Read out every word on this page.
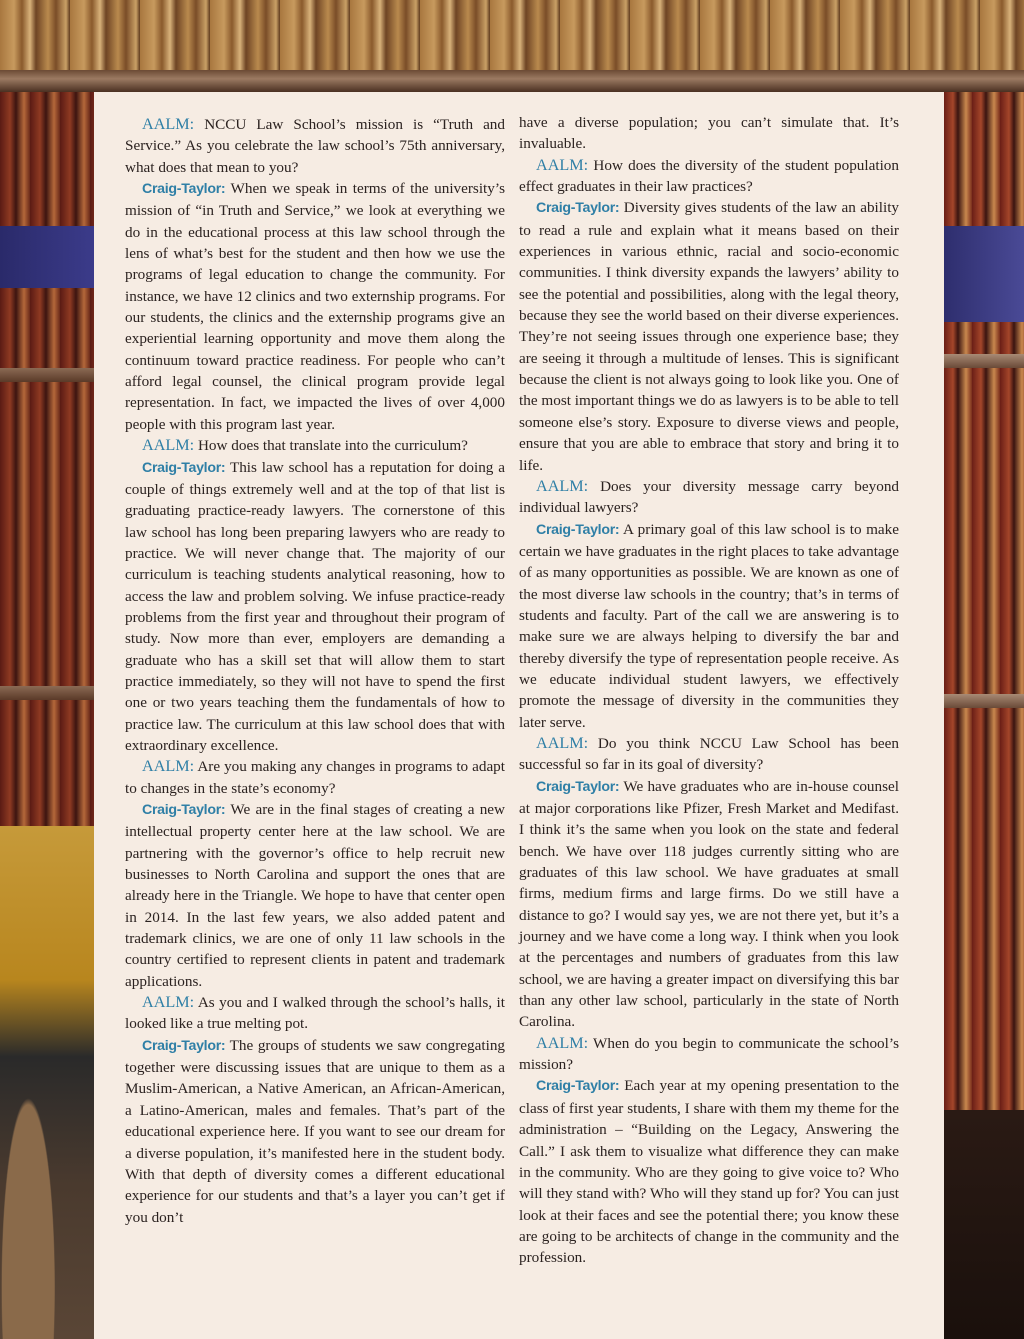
AALM: NCCU Law School’s mission is “Truth and Service.” As you celebrate the law school’s 75th anniversary, what does that mean to you?

Craig-Taylor: When we speak in terms of the university’s mission of “in Truth and Service,” we look at everything we do in the educational process at this law school through the lens of what’s best for the student and then how we use the programs of legal education to change the community. For instance, we have 12 clinics and two externship programs. For our students, the clinics and the externship programs give an experiential learning opportunity and move them along the continuum toward practice readiness. For people who can’t afford legal counsel, the clinical program provide legal representation. In fact, we impacted the lives of over 4,000 people with this program last year.

AALM: How does that translate into the curriculum?

Craig-Taylor: This law school has a reputation for doing a couple of things extremely well and at the top of that list is graduating practice-ready lawyers. The cornerstone of this law school has long been preparing lawyers who are ready to practice. We will never change that. The majority of our curriculum is teaching students analytical reasoning, how to access the law and problem solving. We infuse practice-ready problems from the first year and throughout their program of study. Now more than ever, employers are demanding a graduate who has a skill set that will allow them to start practice immediately, so they will not have to spend the first one or two years teaching them the fundamentals of how to practice law. The curriculum at this law school does that with extraordinary excellence.

AALM: Are you making any changes in programs to adapt to changes in the state’s economy?

Craig-Taylor: We are in the final stages of creating a new intellectual property center here at the law school. We are partnering with the governor’s office to help recruit new businesses to North Carolina and support the ones that are already here in the Triangle. We hope to have that center open in 2014. In the last few years, we also added patent and trademark clinics, we are one of only 11 law schools in the country certified to represent clients in patent and trademark applications.

AALM: As you and I walked through the school’s halls, it looked like a true melting pot.

Craig-Taylor: The groups of students we saw congregating together were discussing issues that are unique to them as a Muslim-American, a Native American, an African-American, a Latino-American, males and females. That’s part of the educational experience here. If you want to see our dream for a diverse population, it’s manifested here in the student body. With that depth of diversity comes a different educational experience for our students and that’s a layer you can’t get if you don’t

have a diverse population; you can’t simulate that. It’s invaluable.

AALM: How does the diversity of the student population effect graduates in their law practices?

Craig-Taylor: Diversity gives students of the law an ability to read a rule and explain what it means based on their experiences in various ethnic, racial and socio-economic communities. I think diversity expands the lawyers’ ability to see the potential and possibilities, along with the legal theory, because they see the world based on their diverse experiences. They’re not seeing issues through one experience base; they are seeing it through a multitude of lenses. This is significant because the client is not always going to look like you. One of the most important things we do as lawyers is to be able to tell someone else’s story. Exposure to diverse views and people, ensure that you are able to embrace that story and bring it to life.

AALM: Does your diversity message carry beyond individual lawyers?

Craig-Taylor: A primary goal of this law school is to make certain we have graduates in the right places to take advantage of as many opportunities as possible. We are known as one of the most diverse law schools in the country; that’s in terms of students and faculty. Part of the call we are answering is to make sure we are always helping to diversify the bar and thereby diversify the type of representation people receive. As we educate individual student lawyers, we effectively promote the message of diversity in the communities they later serve.

AALM: Do you think NCCU Law School has been successful so far in its goal of diversity?

Craig-Taylor: We have graduates who are in-house counsel at major corporations like Pfizer, Fresh Market and Medifast. I think it’s the same when you look on the state and federal bench. We have over 118 judges currently sitting who are graduates of this law school. We have graduates at small firms, medium firms and large firms. Do we still have a distance to go? I would say yes, we are not there yet, but it’s a journey and we have come a long way. I think when you look at the percentages and numbers of graduates from this law school, we are having a greater impact on diversifying this bar than any other law school, particularly in the state of North Carolina.

AALM: When do you begin to communicate the school’s mission?

Craig-Taylor: Each year at my opening presentation to the class of first year students, I share with them my theme for the administration – “Building on the Legacy, Answering the Call.” I ask them to visualize what difference they can make in the community. Who are they going to give voice to? Who will they stand with? Who will they stand up for? You can just look at their faces and see the potential there; you know these are going to be architects of change in the community and the profession.
